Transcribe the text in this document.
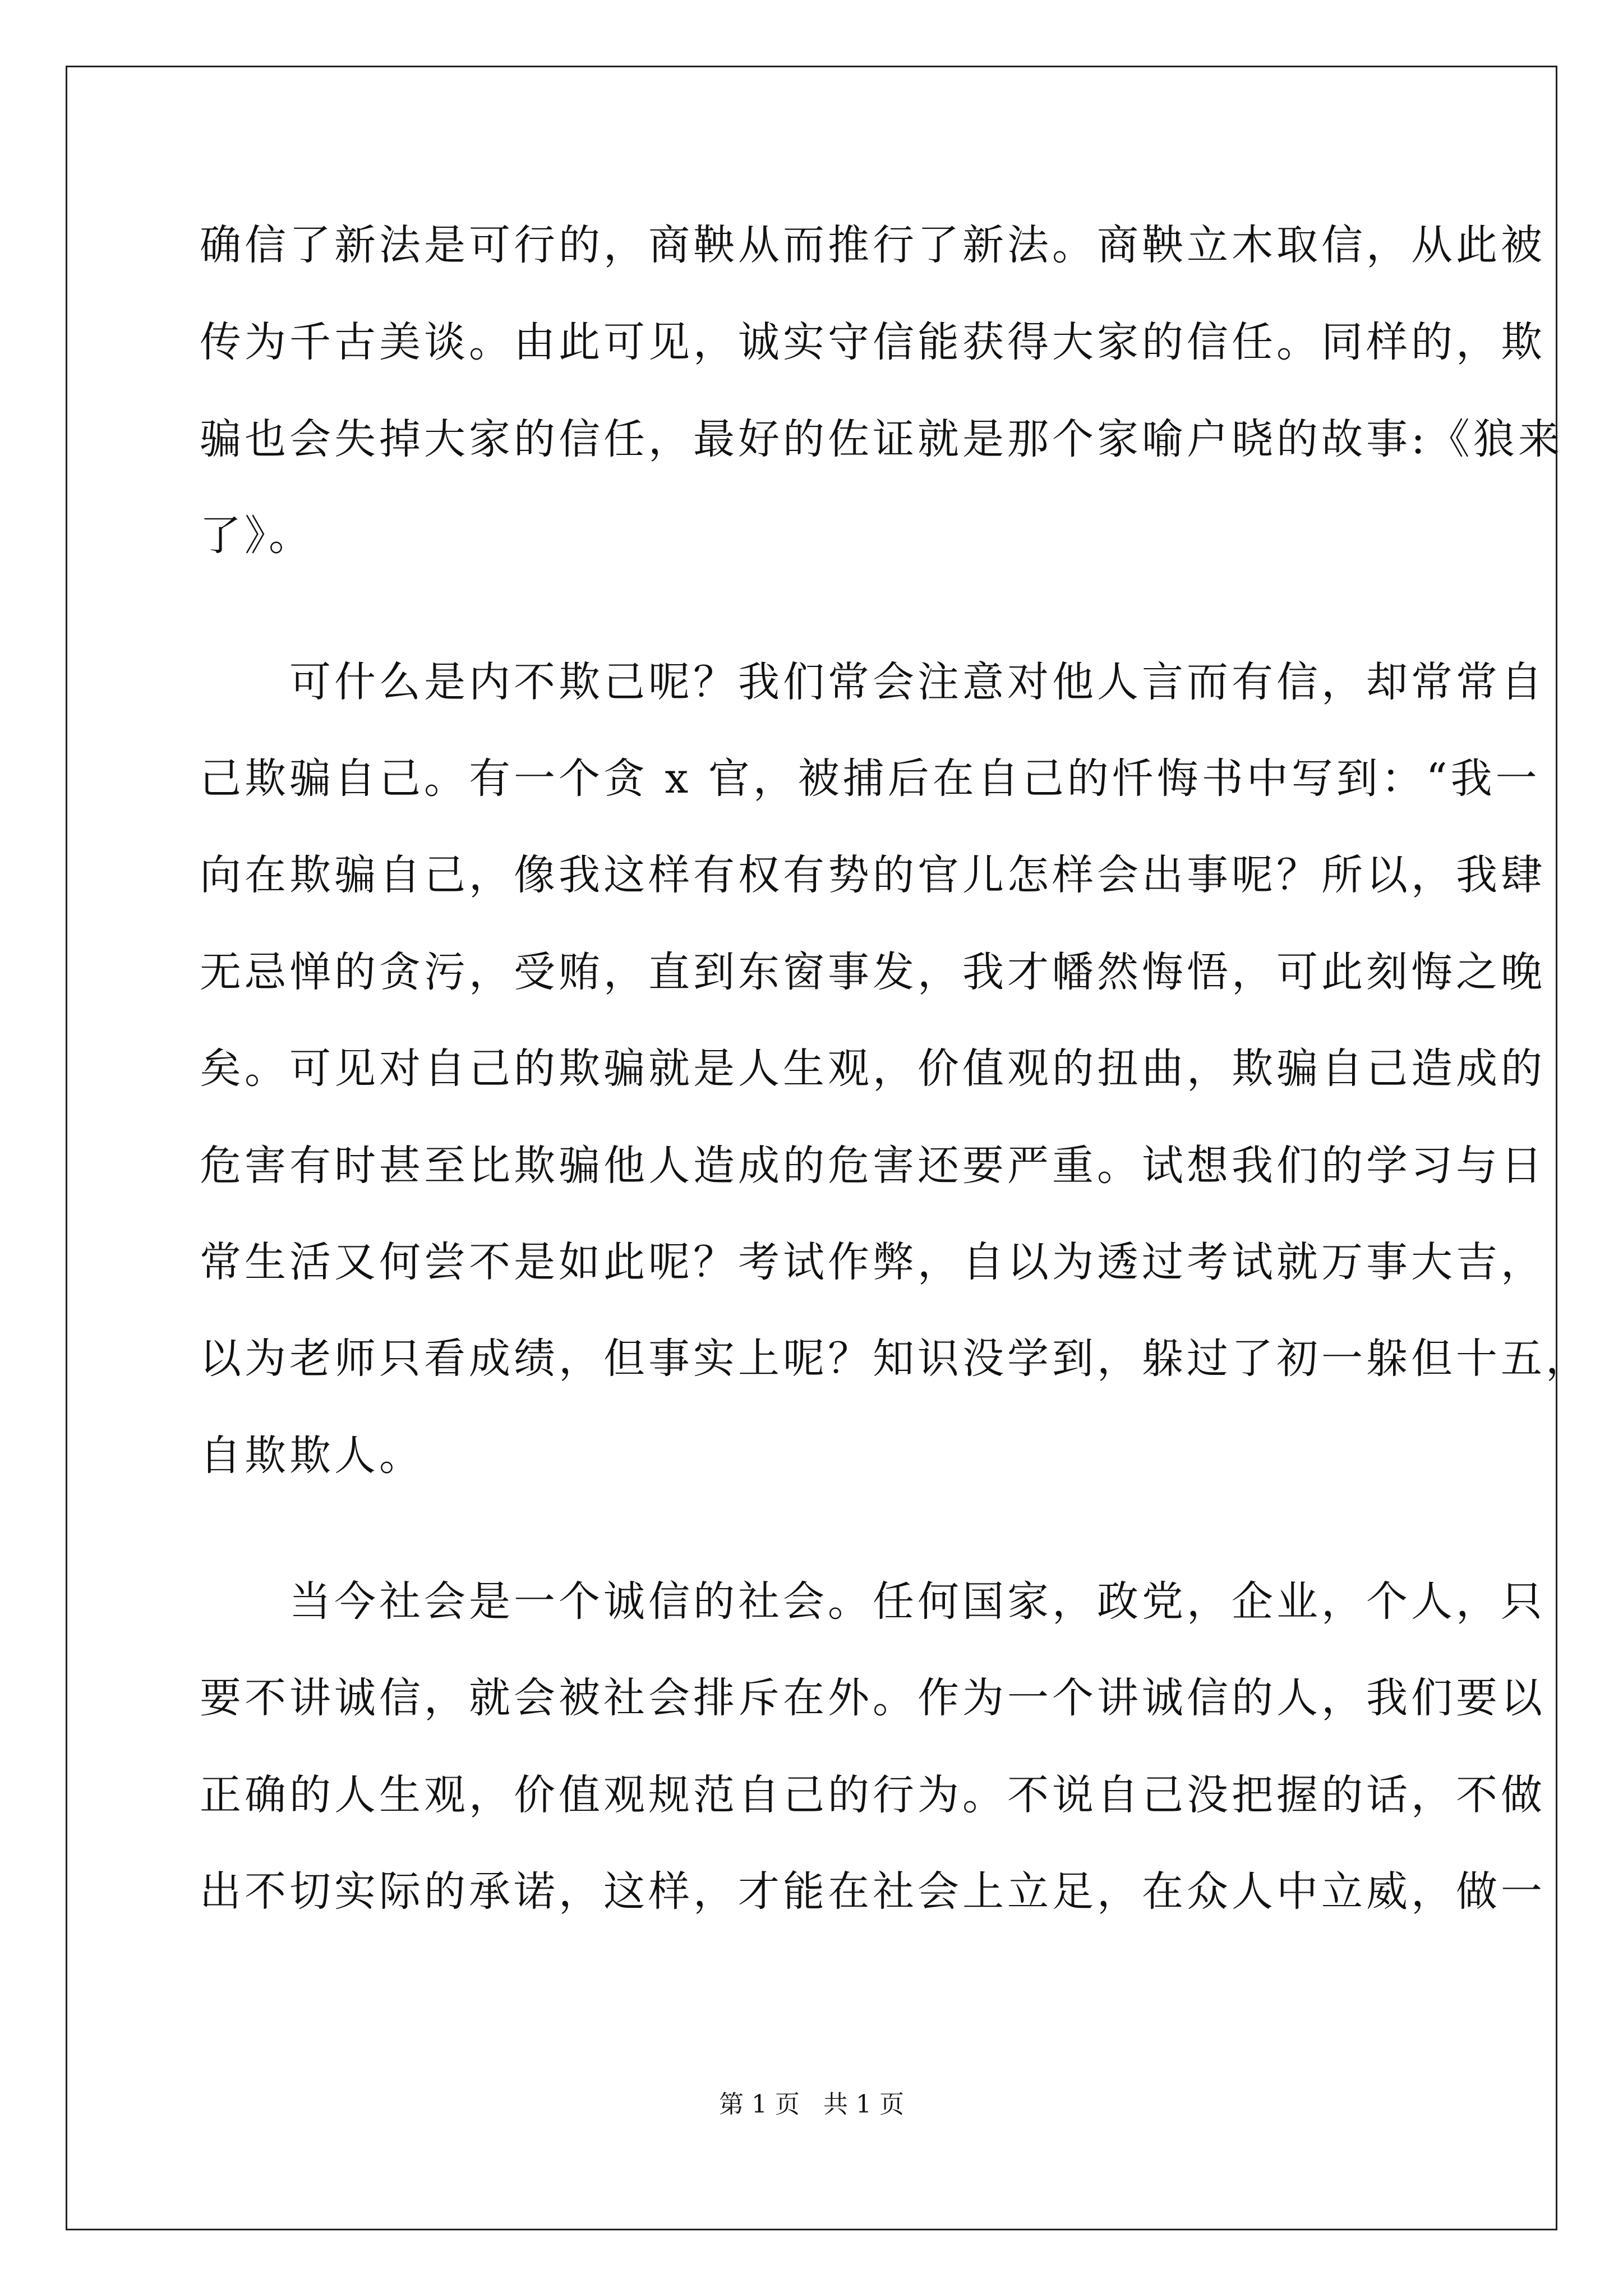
确信了新法是可行的，商鞅从而推行了新法。商鞅立木取信，从此被
传为千古美谈。由此可见，诚实守信能获得大家的信任。同样的，欺
骗也会失掉大家的信任，最好的佐证就是那个家喻户晓的故事:《狼来
了》。
　　可什么是内不欺己呢？我们常会注意对他人言而有信，却常常自
己欺骗自己。有一个贪 x 官，被捕后在自己的忏悔书中写到：“我一
向在欺骗自己，像我这样有权有势的官儿怎样会出事呢？所以，我肆
无忌惮的贪污，受贿，直到东窗事发，我才幡然悔悟，可此刻悔之晚
矣。可见对自己的欺骗就是人生观，价值观的扭曲，欺骗自己造成的
危害有时甚至比欺骗他人造成的危害还要严重。试想我们的学习与日
常生活又何尝不是如此呢？考试作弊，自以为透过考试就万事大吉，
以为老师只看成绩，但事实上呢？知识没学到，躲过了初一躲但十五，
自欺欺人。
　　当今社会是一个诚信的社会。任何国家，政党，企业，个人，只
要不讲诚信，就会被社会排斥在外。作为一个讲诚信的人，我们要以
正确的人生观，价值观规范自己的行为。不说自己没把握的话，不做
出不切实际的承诺，这样，才能在社会上立足，在众人中立威，做一
第 1 页 共 1 页
